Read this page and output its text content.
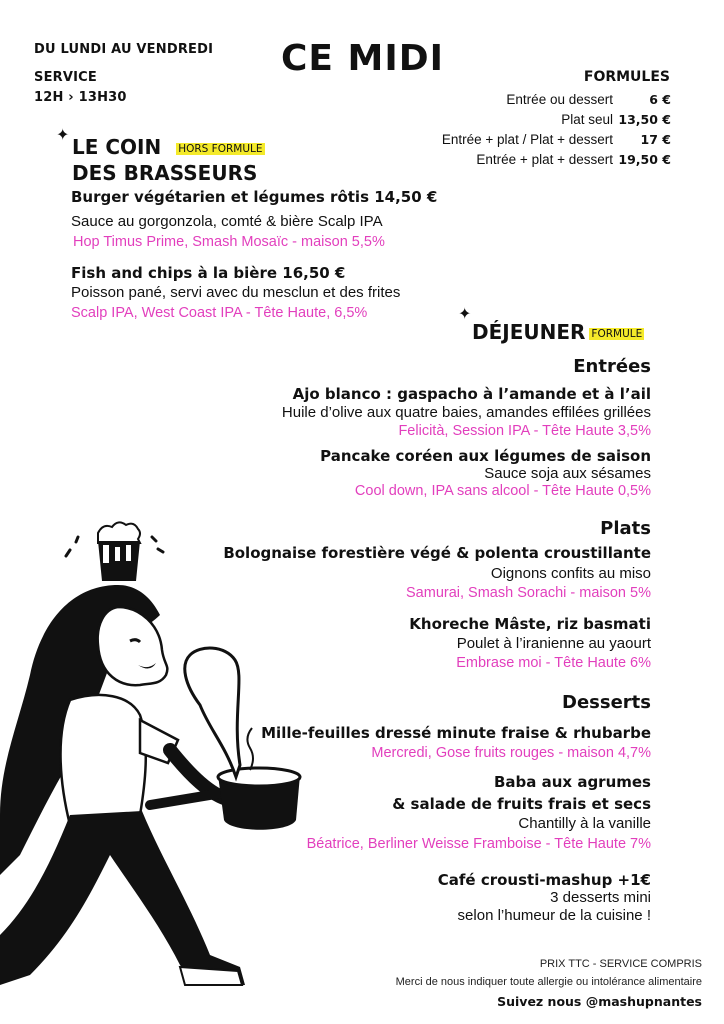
DU LUNDI AU VENDREDI
SERVICE
12H › 13H30
CE MIDI	FORMULES
Entrée ou dessert	6 €
Plat seul 13,50 €
Entrée + plat / Plat + dessert	17 €
Entrée + plat + dessert 19,50 €
✦
LE COIN HORS FORMULE
DES BRASSEURS
Burger végétarien et légumes rôtis 14,50 €
Sauce au gorgonzola, comté & bière Scalp IPA
Hop Timus Prime, Smash Mosaïc - maison 5,5%
Fish and chips à la bière 16,50 €
Poisson pané, servi avec du mesclun et des frites
Scalp IPA, West Coast IPA - Tête Haute, 6,5%	✦
DÉJEUNER FORMULE
Entrées
Ajo blanco : gaspacho à l’amande et à l’ail
Huile d’olive aux quatre baies, amandes effilées grillées
Felicità, Session IPA - Tête Haute 3,5%
Pancake coréen aux légumes de saison
Sauce soja aux sésames
Cool down, IPA sans alcool - Tête Haute 0,5%
Plats
Bolognaise forestière végé & polenta croustillante
Oignons confits au miso
Samurai, Smash Sorachi - maison 5%
Khoreche Mâste, riz basmati
Poulet à l’iranienne au yaourt
Embrase moi - Tête Haute 6%
Desserts
Mille-feuilles dressé minute fraise & rhubarbe
Mercredi, Gose fruits rouges - maison 4,7%
Baba aux agrumes
& salade de fruits frais et secs
Chantilly à la vanille
Béatrice, Berliner Weisse Framboise - Tête Haute 7%
Café crousti-mashup +1€
3 desserts mini
selon l’humeur de la cuisine !
PRIX TTC - SERVICE COMPRIS
Merci de nous indiquer toute allergie ou intolérance alimentaire
Suivez nous @mashupnantes
